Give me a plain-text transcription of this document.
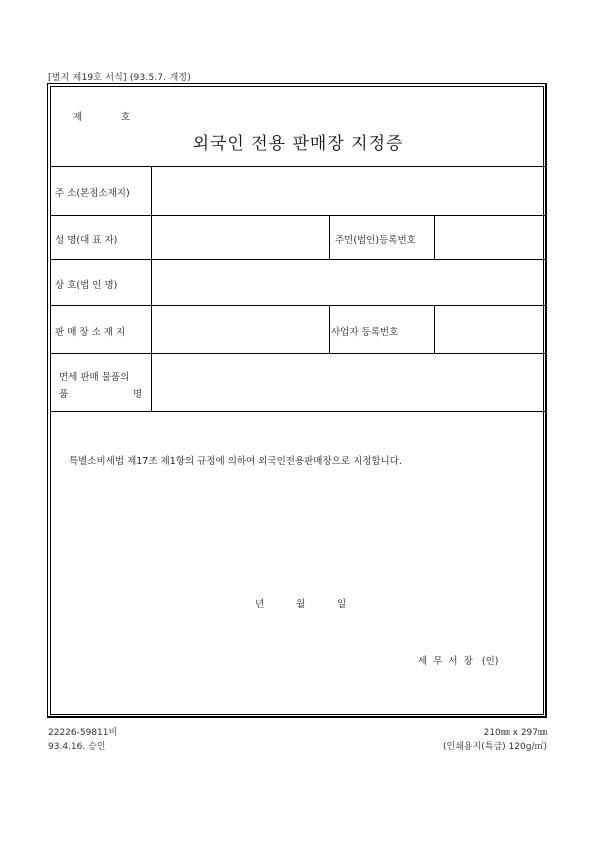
[별지 제19호 서식] (93.5.7. 개정)
제	호
외국인 전용 판매장 지정증
주 소(본점소재지)
성 명(대 표 자)	주민(법인)등록번호
상 호(법 인 명)
판 매 장 소 재 지	사업자 등록번호
면세 판매 물품의
품	명
특별소비세법 제17조 제1항의 규정에 의하여 외국인전용판매장으로 지정합니다.
년	월	일
세  무  서  장   (인)
22226-59811비
93.4.16. 승인
210㎜ x 297㎜
(인쇄용지(특급) 120g/㎡)
